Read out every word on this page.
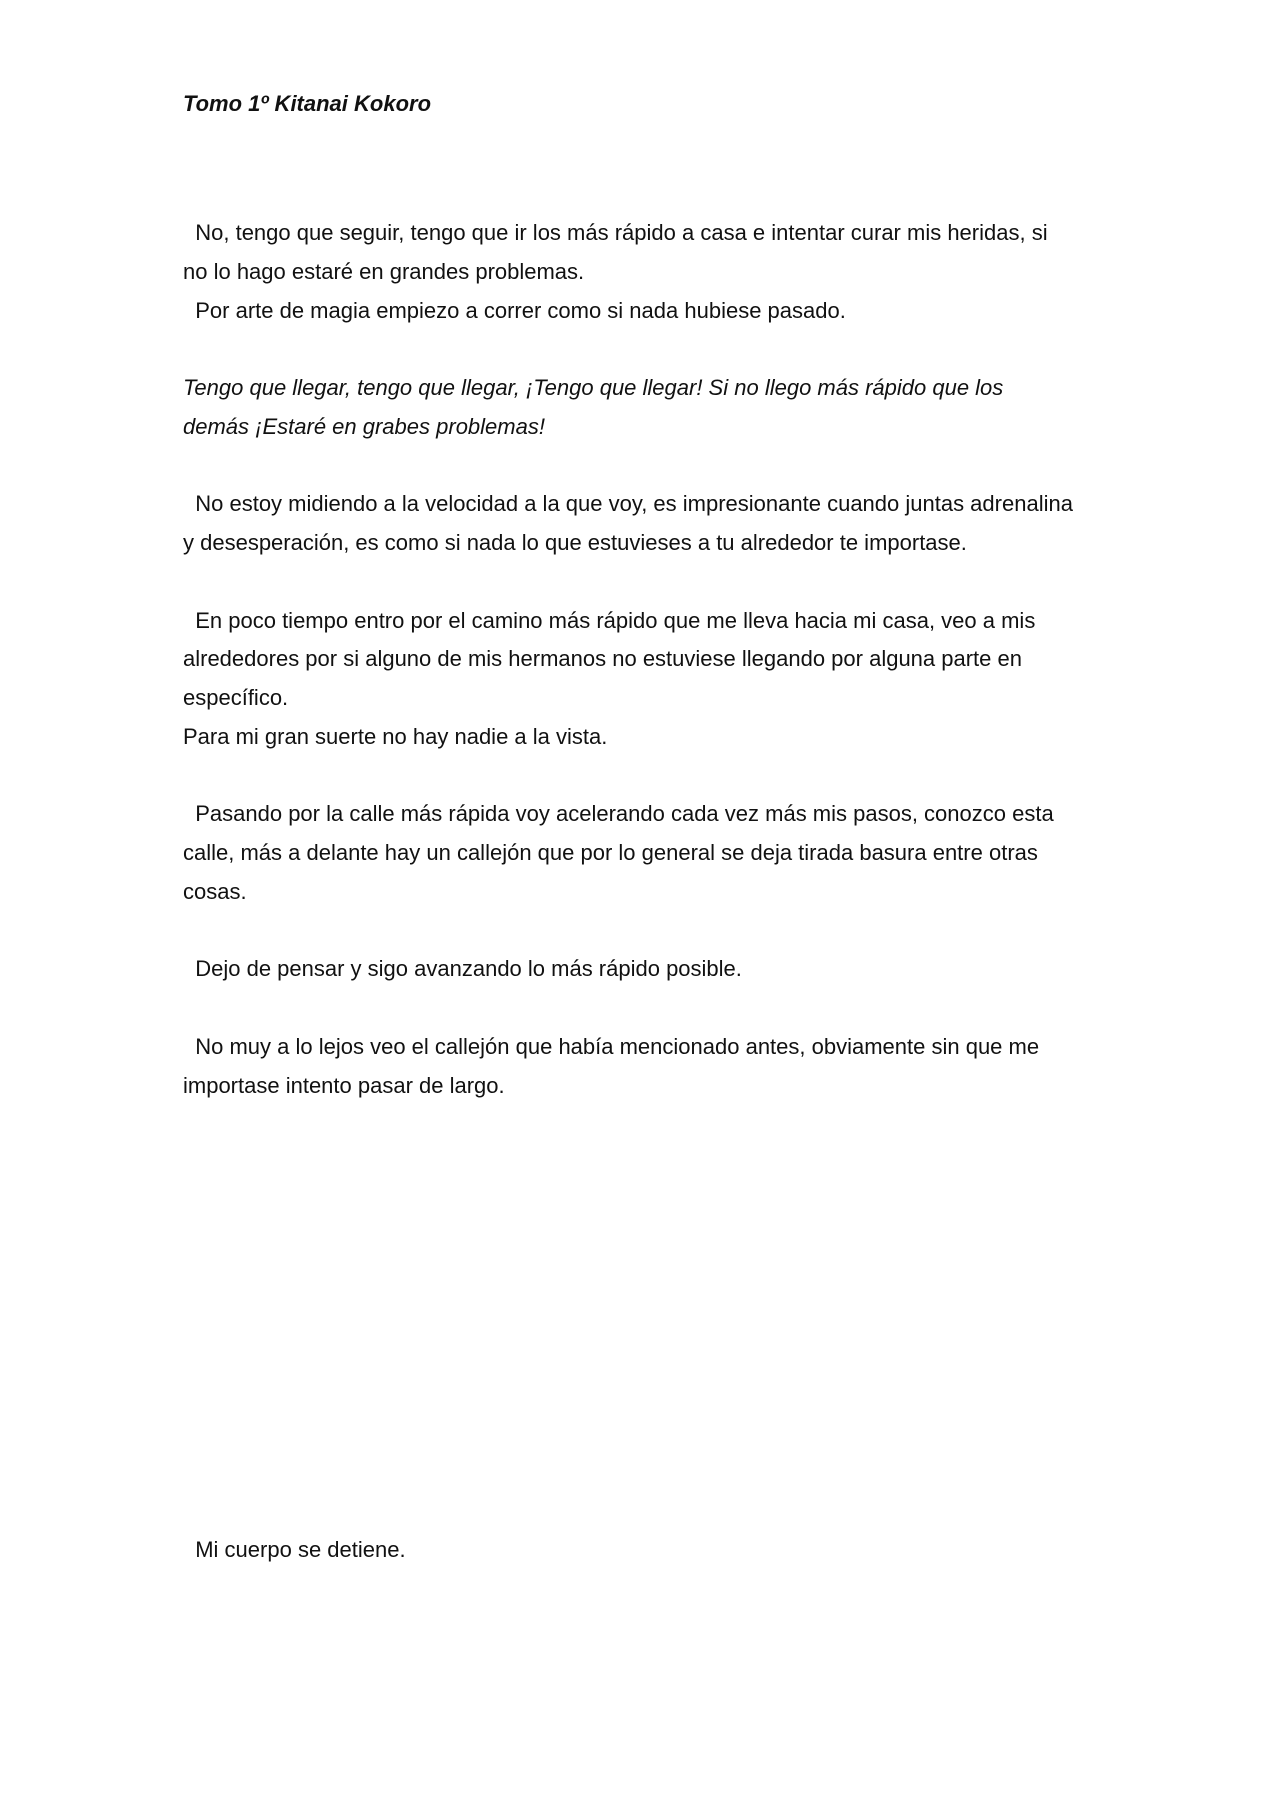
Tomo 1º Kitanai Kokoro

No, tengo que seguir, tengo que ir los más rápido a casa e intentar curar mis heridas, si

no lo hago estaré en grandes problemas.

Por arte de magia empiezo a correr como si nada hubiese pasado.

Tengo que llegar, tengo que llegar, ¡Tengo que llegar! Si no llego más rápido que los

demás ¡Estaré en grabes problemas!

No estoy midiendo a la velocidad a la que voy, es impresionante cuando juntas adrenalina

y desesperación, es como si nada lo que estuvieses a tu alrededor te importase.

En poco tiempo entro por el camino más rápido que me lleva hacia mi casa, veo a mis

alrededores por si alguno de mis hermanos no estuviese llegando por alguna parte en

específico.

Para mi gran suerte no hay nadie a la vista.

Pasando por la calle más rápida voy acelerando cada vez más mis pasos, conozco esta

calle, más a delante hay un callejón que por lo general se deja tirada basura entre otras

cosas.

Dejo de pensar y sigo avanzando lo más rápido posible.

No muy a lo lejos veo el callejón que había mencionado antes, obviamente sin que me

importase intento pasar de largo.

Mi cuerpo se detiene.
